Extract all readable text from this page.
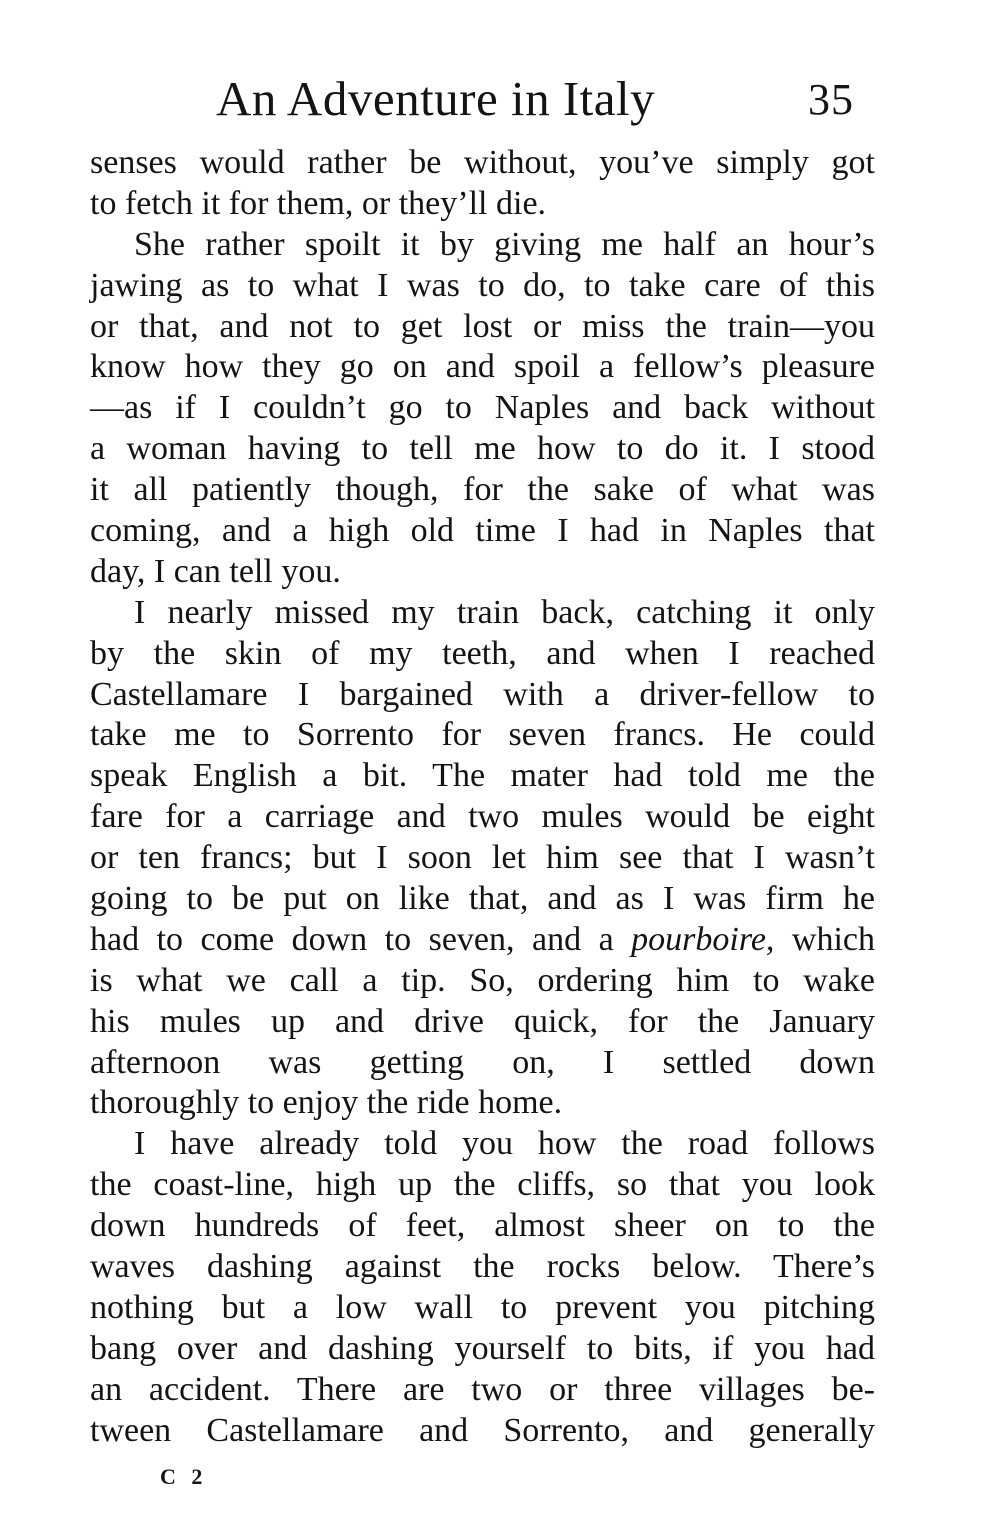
An Adventure in Italy	35
senses would rather be without, you’ve simply got
to fetch it for them, or they’ll die.
She rather spoilt it by giving me half an hour’s
jawing as to what I was to do, to take care of this
or that, and not to get lost or miss the train—you
know how they go on and spoil a fellow’s pleasure
—as if I couldn’t go to Naples and back without
a woman having to tell me how to do it. I stood
it all patiently though, for the sake of what was
coming, and a high old time I had in Naples that
day, I can tell you.
I nearly missed my train back, catching it only
by the skin of my teeth, and when I reached
Castellamare I bargained with a driver-fellow to
take me to Sorrento for seven francs. He could
speak English a bit. The mater had told me the
fare for a carriage and two mules would be eight
or ten francs; but I soon let him see that I wasn’t
going to be put on like that, and as I was firm he
had to come down to seven, and a pourboire, which
is what we call a tip. So, ordering him to wake
his mules up and drive quick, for the January
afternoon was getting on, I settled down
thoroughly to enjoy the ride home.
I have already told you how the road follows
the coast-line, high up the cliffs, so that you look
down hundreds of feet, almost sheer on to the
waves dashing against the rocks below. There’s
nothing but a low wall to prevent you pitching
bang over and dashing yourself to bits, if you had
an accident. There are two or three villages be-
tween Castellamare and Sorrento, and generally
C 2
